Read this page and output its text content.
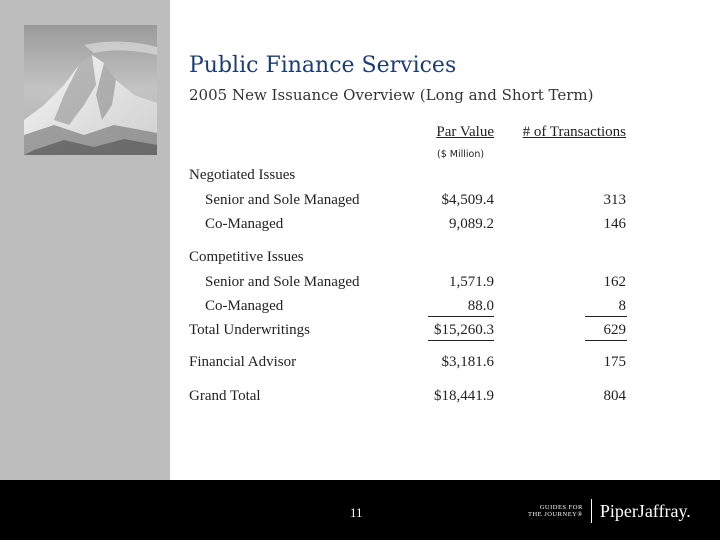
Public Finance Services
2005 New Issuance Overview (Long and Short Term)
Par Value # of Transactions
($ Million)
Negotiated Issues
Senior and Sole Managed	$4,509.4	313
Co-Managed	9,089.2	146
Competitive Issues
Senior and Sole Managed	1,571.9	162
Co-Managed	88.0	8
Total Underwritings	$15,260.3	629
Financial Advisor	$3,181.6	175
Grand Total	$18,441.9	804
11	GUIDES FOR
THE JOURNEY® PiperJaffray.
